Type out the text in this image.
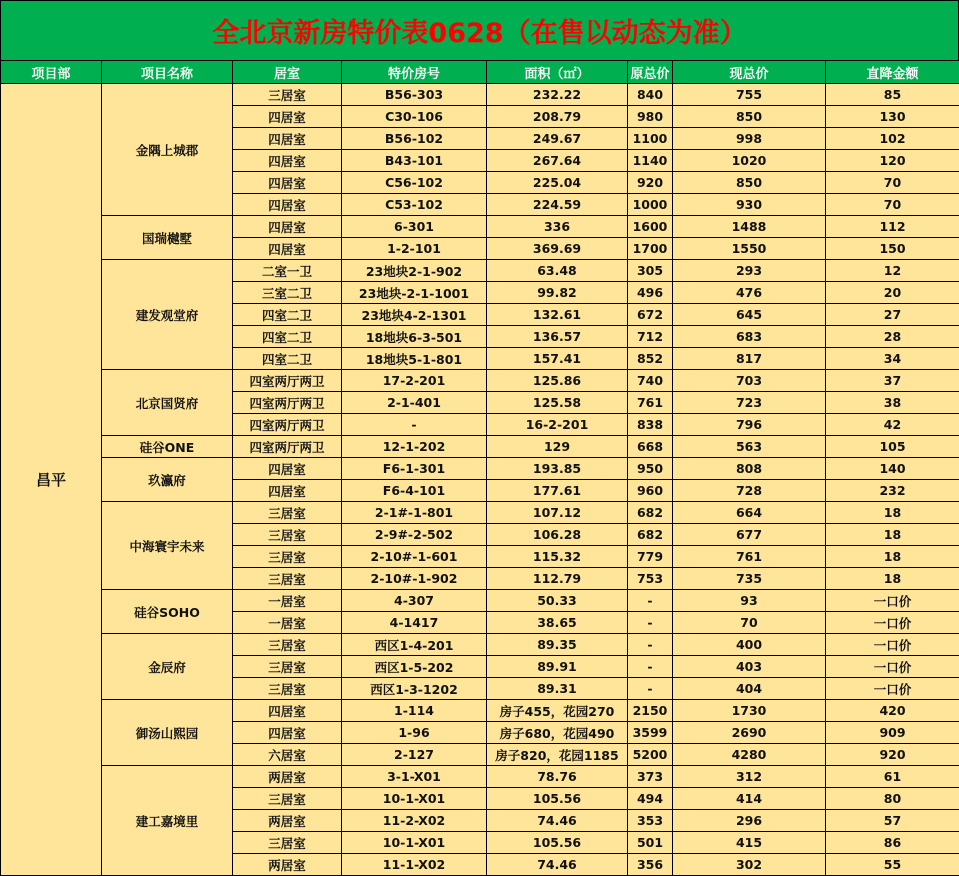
全北京新房特价表0628（在售以动态为准）
项目部	项目名称	居室	特价房号	面积（㎡）	原总价	现总价	直降金额
昌平	金隅上城郡	三居室	B56-303	232.22	840	755	85
		四居室	C30-106	208.79	980	850	130
		四居室	B56-102	249.67	1100	998	102
		四居室	B43-101	267.64	1140	1020	120
		四居室	C56-102	225.04	920	850	70
		四居室	C53-102	224.59	1000	930	70
	国瑞樾墅	四居室	6-301	336	1600	1488	112
		四居室	1-2-101	369.69	1700	1550	150
	建发观堂府	二室一卫	23地块2-1-902	63.48	305	293	12
		三室二卫	23地块-2-1-1001	99.82	496	476	20
		四室二卫	23地块4-2-1301	132.61	672	645	27
		四室二卫	18地块6-3-501	136.57	712	683	28
		四室二卫	18地块5-1-801	157.41	852	817	34
	北京国贤府	四室两厅两卫	17-2-201	125.86	740	703	37
		四室两厅两卫	2-1-401	125.58	761	723	38
		四室两厅两卫	-	16-2-201	838	796	42
	硅谷ONE	四室两厅两卫	12-1-202	129	668	563	105
	玖瀛府	四居室	F6-1-301	193.85	950	808	140
		四居室	F6-4-101	177.61	960	728	232
	中海寰宇未来	三居室	2-1#-1-801	107.12	682	664	18
		三居室	2-9#-2-502	106.28	682	677	18
		三居室	2-10#-1-601	115.32	779	761	18
		三居室	2-10#-1-902	112.79	753	735	18
	硅谷SOHO	一居室	4-307	50.33	-	93	一口价
		一居室	4-1417	38.65	-	70	一口价
	金辰府	三居室	西区1-4-201	89.35	-	400	一口价
		三居室	西区1-5-202	89.91	-	403	一口价
		三居室	西区1-3-1202	89.31	-	404	一口价
	御汤山熙园	四居室	1-114	房子455，花园270	2150	1730	420
		四居室	1-96	房子680，花园490	3599	2690	909
		六居室	2-127	房子820，花园1185	5200	4280	920
	建工嘉境里	两居室	3-1-X01	78.76	373	312	61
		三居室	10-1-X01	105.56	494	414	80
		两居室	11-2-X02	74.46	353	296	57
		三居室	10-1-X01	105.56	501	415	86
		两居室	11-1-X02	74.46	356	302	55
